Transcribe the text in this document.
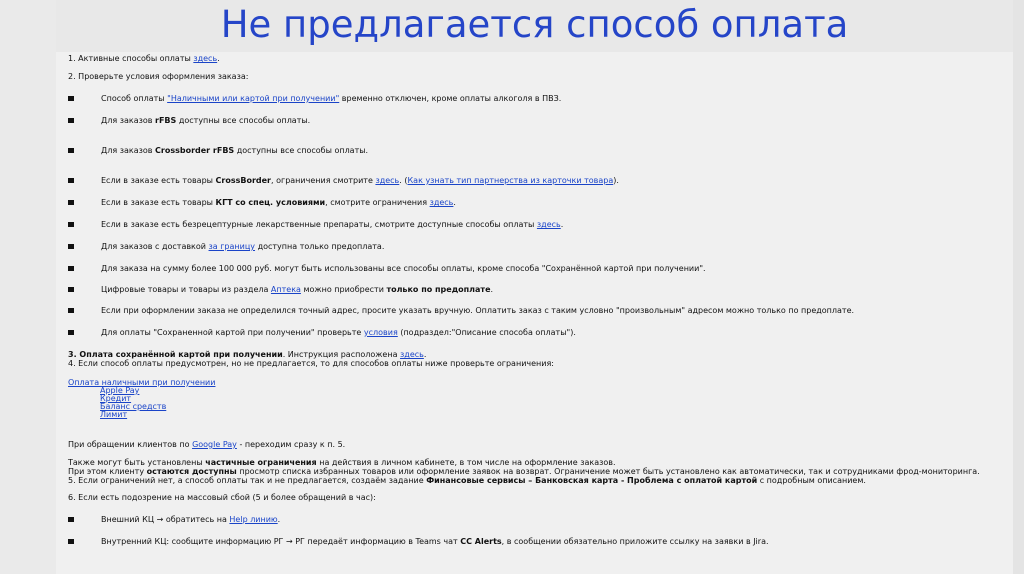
Не предлагается способ оплата
1. Активные способы оплаты здесь.
2. Проверьте условия оформления заказа:
Способ оплаты "Наличными или картой при получении" временно отключен, кроме оплаты алкоголя в ПВЗ.
Для заказов rFBS доступны все способы оплаты.
Для заказов Crossborder rFBS доступны все способы оплаты.
Если в заказе есть товары CrossBorder, ограничения смотрите здесь. (Как узнать тип партнерства из карточки товара).
Если в заказе есть товары КГТ со спец. условиями, смотрите ограничения здесь.
Если в заказе есть безрецептурные лекарственные препараты, смотрите доступные способы оплаты здесь.
Для заказов с доставкой за границу доступна только предоплата.
Для заказа на сумму более 100 000 руб. могут быть использованы все способы оплаты, кроме способа "Сохранённой картой при получении".
Цифровые товары и товары из раздела Аптека можно приобрести только по предоплате.
Если при оформлении заказа не определился точный адрес, просите указать вручную. Оплатить заказ с таким условно "произвольным" адресом можно только по предоплате.
Для оплаты "Сохраненной картой при получении" проверьте условия (подраздел:"Описание способа оплаты").
3. Оплата сохранённой картой при получении. Инструкция расположена здесь.
4. Если способ оплаты предусмотрен, но не предлагается, то для способов оплаты ниже проверьте ограничения:
Оплата наличными при получении
Apple Pay
Кредит
Баланс средств
Лимит
При обращении клиентов по Google Pay - переходим сразу к п. 5.
Также могут быть установлены частичные ограничения на действия в личном кабинете, в том числе на оформление заказов.
При этом клиенту остаются доступны просмотр списка избранных товаров или оформление заявок на возврат. Ограничение может быть установлено как автоматически, так и сотрудниками фрод-мониторинга.
5. Если ограничений нет, а способ оплаты так и не предлагается, создаём задание Финансовые сервисы – Банковская карта - Проблема с оплатой картой с подробным описанием.
6. Если есть подозрение на массовый сбой (5 и более обращений в час):
Внешний КЦ → обратитесь на Help линию.
Внутренний КЦ: сообщите информацию РГ → РГ передаёт информацию в Teams чат CC Alerts, в сообщении обязательно приложите ссылку на заявки в Jira.
